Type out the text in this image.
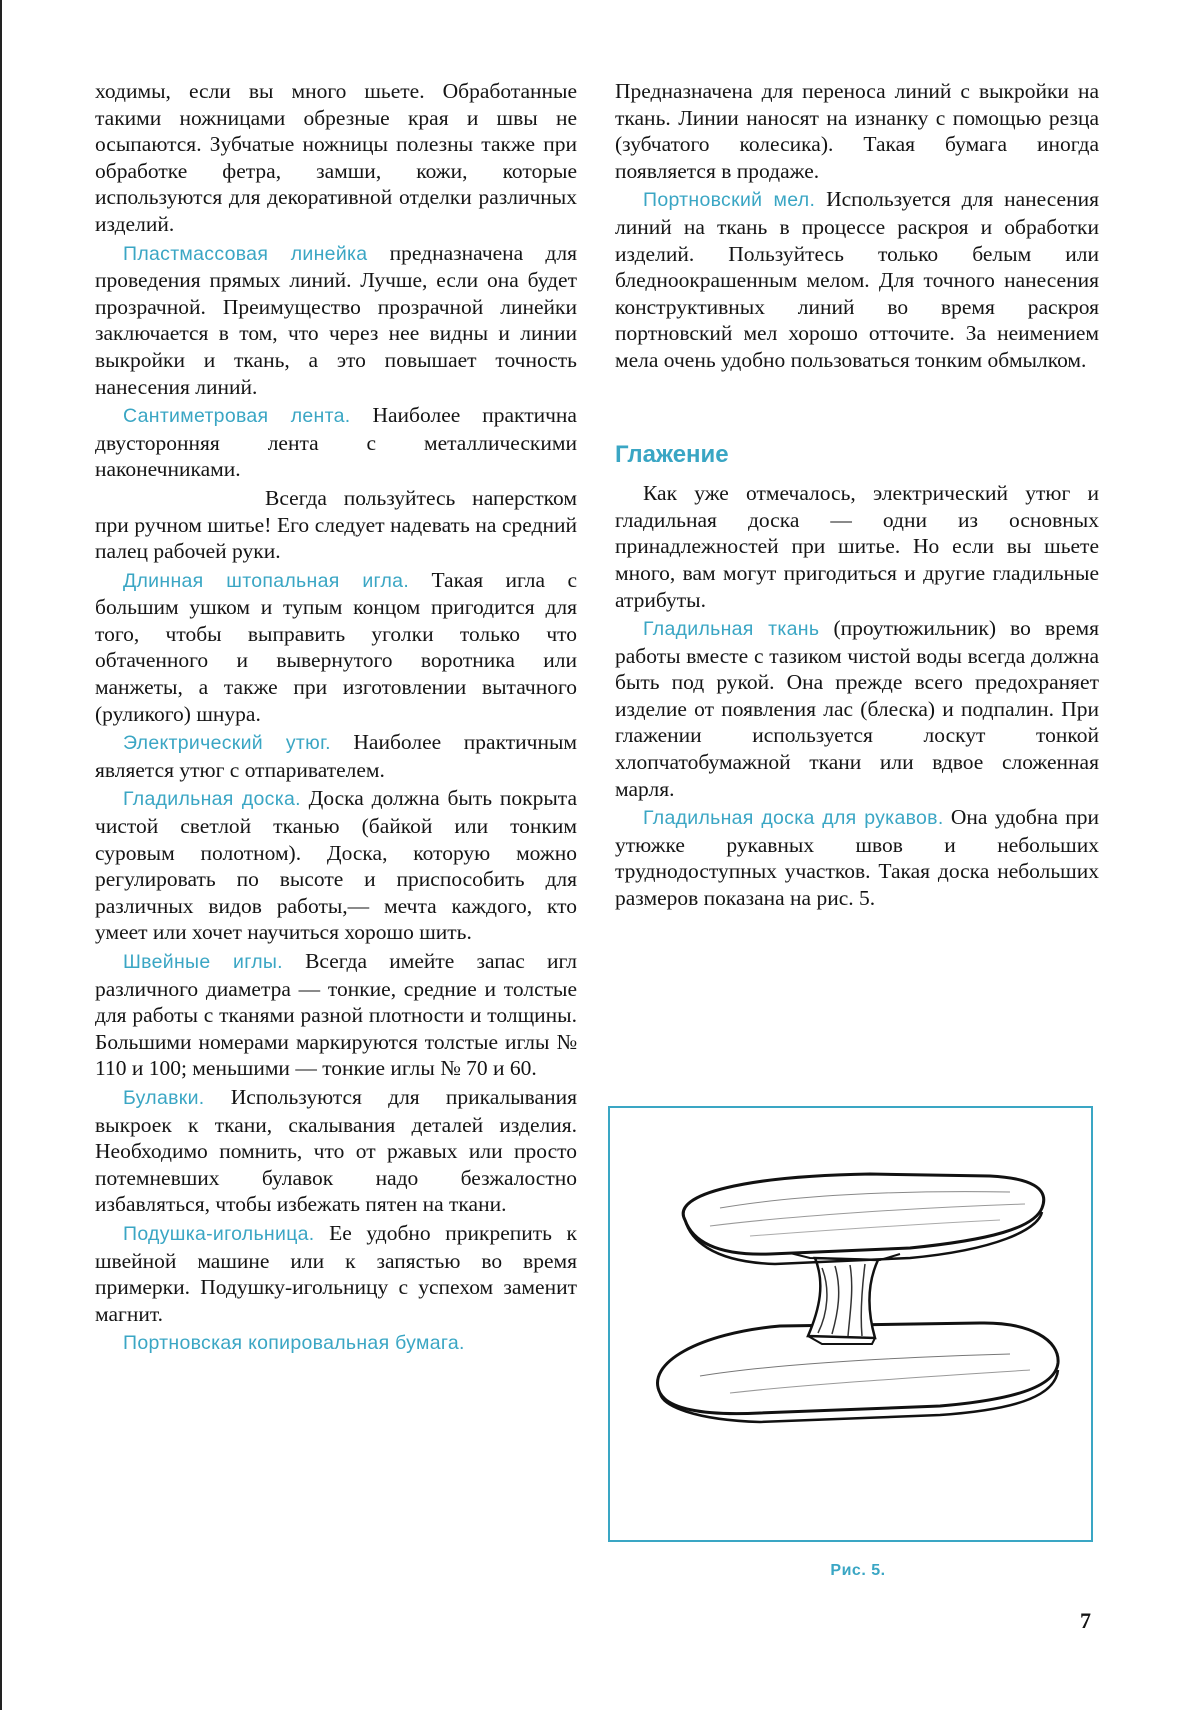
ходимы, если вы много шьете. Обработанные такими ножницами обрезные края и швы не осыпаются. Зубчатые ножницы полезны также при обработке фетра, замши, кожи, которые используются для декоративной отделки различных изделий.

Пластмассовая линейка предназначена для проведения прямых линий. Лучше, если она будет прозрачной. Преимущество прозрачной линейки заключается в том, что через нее видны и линии выкройки и ткань, а это повышает точность нанесения линий.

Сантиметровая лента. Наиболее практична двусторонняя лента с металлическими наконечниками.

Всегда пользуйтесь наперстком при ручном шитье! Его следует надевать на средний палец рабочей руки.

Длинная штопальная игла. Такая игла с большим ушком и тупым концом пригодится для того, чтобы выправить уголки только что обтаченного и вывернутого воротника или манжеты, а также при изготовлении вытачного (руликого) шнура.

Электрический утюг. Наиболее практичным является утюг с отпаривателем.

Гладильная доска. Доска должна быть покрыта чистой светлой тканью (байкой или тонким суровым полотном). Доска, которую можно регулировать по высоте и приспособить для различных видов работы,— мечта каждого, кто умеет или хочет научиться хорошо шить.

Швейные иглы. Всегда имейте запас игл различного диаметра — тонкие, средние и толстые для работы с тканями разной плотности и толщины. Большими номерами маркируются толстые иглы № 110 и 100; меньшими — тонкие иглы № 70 и 60.

Булавки. Используются для прикалывания выкроек к ткани, скалывания деталей изделия. Необходимо помнить, что от ржавых или просто потемневших булавок надо безжалостно избавляться, чтобы избежать пятен на ткани.

Подушка-игольница. Ее удобно прикрепить к швейной машине или к запястью во время примерки. Подушку-игольницу с успехом заменит магнит.

Портновская копировальная бумага.

Предназначена для переноса линий с выкройки на ткань. Линии наносят на изнанку с помощью резца (зубчатого колесика). Такая бумага иногда появляется в продаже.

Портновский мел. Используется для нанесения линий на ткань в процессе раскроя и обработки изделий. Пользуйтесь только белым или бледноокрашенным мелом. Для точного нанесения конструктивных линий во время раскроя портновский мел хорошо отточите. За неимением мела очень удобно пользоваться тонким обмылком.

Глажение

Как уже отмечалось, электрический утюг и гладильная доска — одни из основных принадлежностей при шитье. Но если вы шьете много, вам могут пригодиться и другие гладильные атрибуты.

Гладильная ткань (проутюжильник) во время работы вместе с тазиком чистой воды всегда должна быть под рукой. Она прежде всего предохраняет изделие от появления лас (блеска) и подпалин. При глажении используется лоскут тонкой хлопчатобумажной ткани или вдвое сложенная марля.

Гладильная доска для рукавов. Она удобна при утюжке рукавных швов и небольших труднодоступных участков. Такая доска небольших размеров показана на рис. 5.

Рис. 5.
7
